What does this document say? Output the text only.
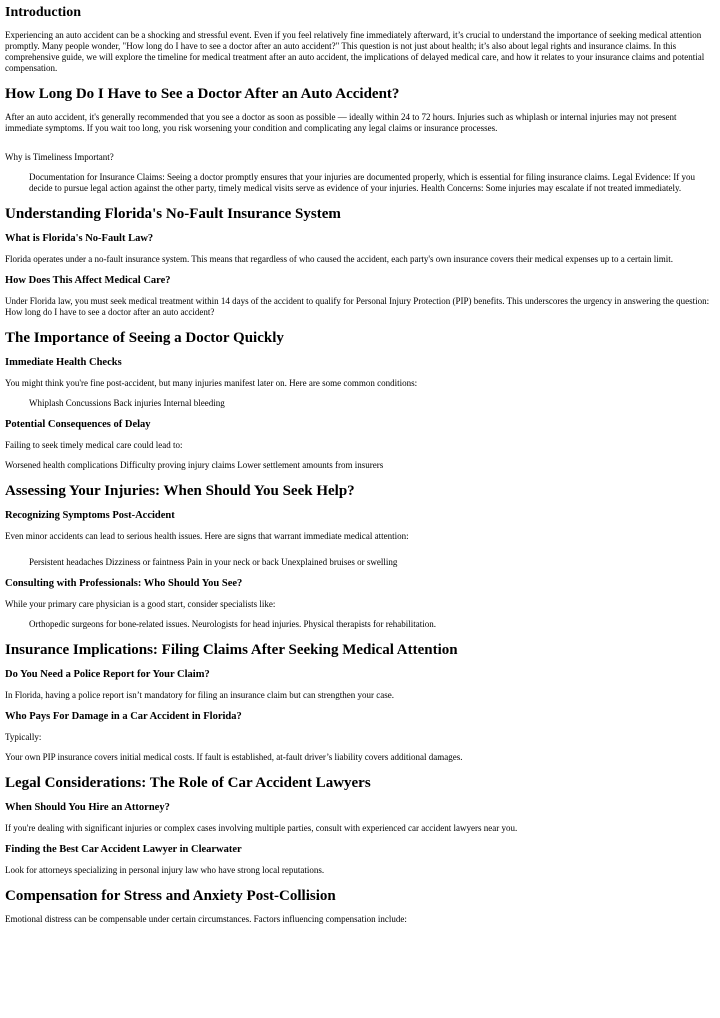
Introduction

Experiencing an auto accident can be a shocking and stressful event. Even if you feel relatively fine immediately afterward, it’s crucial to understand the importance of seeking medical attention promptly. Many people wonder, "How long do I have to see a doctor after an auto accident?" This question is not just about health; it’s also about legal rights and insurance claims. In this comprehensive guide, we will explore the timeline for medical treatment after an auto accident, the implications of delayed medical care, and how it relates to your insurance claims and potential compensation.

How Long Do I Have to See a Doctor After an Auto Accident?

After an auto accident, it's generally recommended that you see a doctor as soon as possible — ideally within 24 to 72 hours. Injuries such as whiplash or internal injuries may not present immediate symptoms. If you wait too long, you risk worsening your condition and complicating any legal claims or insurance processes.

Why is Timeliness Important?

Documentation for Insurance Claims: Seeing a doctor promptly ensures that your injuries are documented properly, which is essential for filing insurance claims. Legal Evidence: If you decide to pursue legal action against the other party, timely medical visits serve as evidence of your injuries. Health Concerns: Some injuries may escalate if not treated immediately.

Understanding Florida's No-Fault Insurance System
What is Florida's No-Fault Law?

Florida operates under a no-fault insurance system. This means that regardless of who caused the accident, each party's own insurance covers their medical expenses up to a certain limit.

How Does This Affect Medical Care?

Under Florida law, you must seek medical treatment within 14 days of the accident to qualify for Personal Injury Protection (PIP) benefits. This underscores the urgency in answering the question: How long do I have to see a doctor after an auto accident?

The Importance of Seeing a Doctor Quickly
Immediate Health Checks

You might think you're fine post-accident, but many injuries manifest later on. Here are some common conditions:

Whiplash Concussions Back injuries Internal bleeding

Potential Consequences of Delay

Failing to seek timely medical care could lead to:

Worsened health complications Difficulty proving injury claims Lower settlement amounts from insurers

Assessing Your Injuries: When Should You Seek Help?
Recognizing Symptoms Post-Accident

Even minor accidents can lead to serious health issues. Here are signs that warrant immediate medical attention:

Persistent headaches Dizziness or faintness Pain in your neck or back Unexplained bruises or swelling

Consulting with Professionals: Who Should You See?

While your primary care physician is a good start, consider specialists like:

Orthopedic surgeons for bone-related issues. Neurologists for head injuries. Physical therapists for rehabilitation.

Insurance Implications: Filing Claims After Seeking Medical Attention
Do You Need a Police Report for Your Claim?

In Florida, having a police report isn’t mandatory for filing an insurance claim but can strengthen your case.

Who Pays For Damage in a Car Accident in Florida?

Typically:

Your own PIP insurance covers initial medical costs. If fault is established, at-fault driver’s liability covers additional damages.

Legal Considerations: The Role of Car Accident Lawyers
When Should You Hire an Attorney?

If you're dealing with significant injuries or complex cases involving multiple parties, consult with experienced car accident lawyers near you.

Finding the Best Car Accident Lawyer in Clearwater

Look for attorneys specializing in personal injury law who have strong local reputations.

Compensation for Stress and Anxiety Post-Collision

Emotional distress can be compensable under certain circumstances. Factors influencing compensation include:
